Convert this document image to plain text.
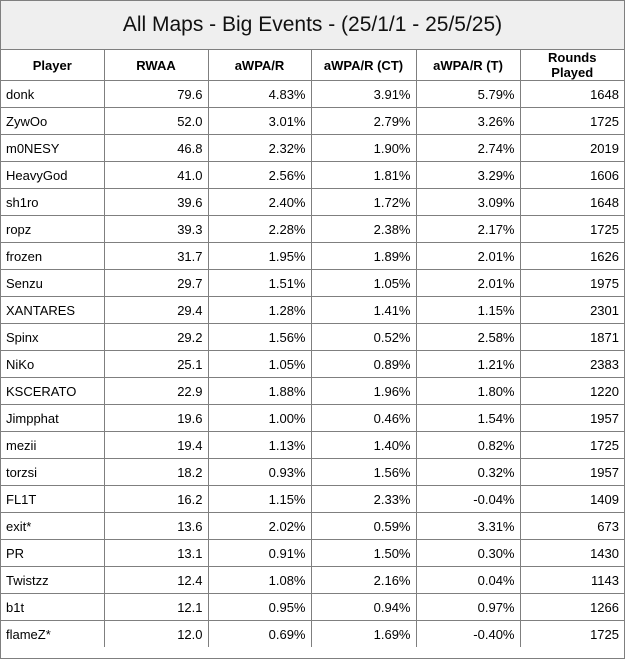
All Maps - Big Events - (25/1/1 - 25/5/25)
Player	RWAA	aWPA/R	aWPA/R (CT)	aWPA/R (T)	Rounds Played
donk	79.6	4.83%	3.91%	5.79%	1648
ZywOo	52.0	3.01%	2.79%	3.26%	1725
m0NESY	46.8	2.32%	1.90%	2.74%	2019
HeavyGod	41.0	2.56%	1.81%	3.29%	1606
sh1ro	39.6	2.40%	1.72%	3.09%	1648
ropz	39.3	2.28%	2.38%	2.17%	1725
frozen	31.7	1.95%	1.89%	2.01%	1626
Senzu	29.7	1.51%	1.05%	2.01%	1975
XANTARES	29.4	1.28%	1.41%	1.15%	2301
Spinx	29.2	1.56%	0.52%	2.58%	1871
NiKo	25.1	1.05%	0.89%	1.21%	2383
KSCERATO	22.9	1.88%	1.96%	1.80%	1220
Jimpphat	19.6	1.00%	0.46%	1.54%	1957
mezii	19.4	1.13%	1.40%	0.82%	1725
torzsi	18.2	0.93%	1.56%	0.32%	1957
FL1T	16.2	1.15%	2.33%	-0.04%	1409
exit*	13.6	2.02%	0.59%	3.31%	673
PR	13.1	0.91%	1.50%	0.30%	1430
Twistzz	12.4	1.08%	2.16%	0.04%	1143
b1t	12.1	0.95%	0.94%	0.97%	1266
flameZ*	12.0	0.69%	1.69%	-0.40%	1725
